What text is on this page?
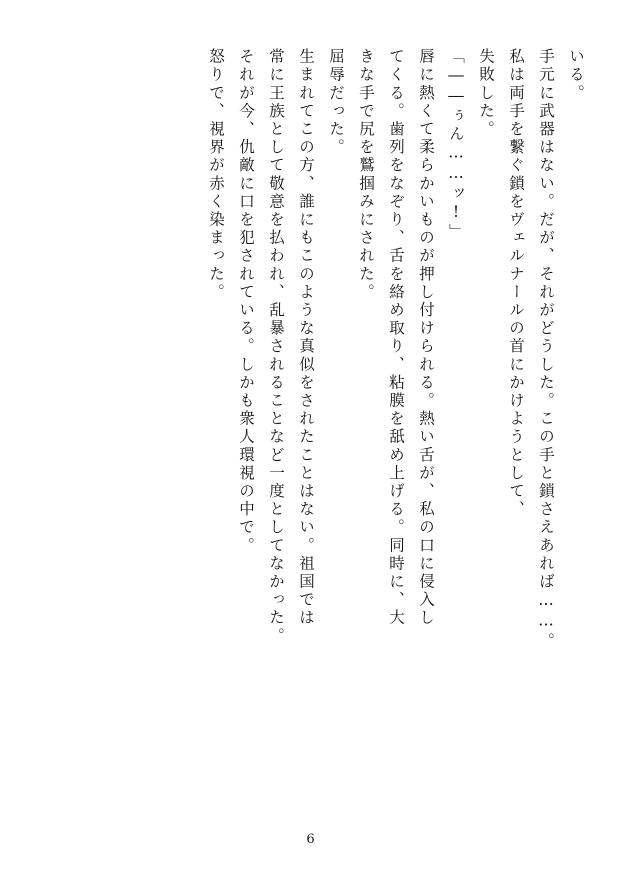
いる。
手元に武器はない。だが、それがどうした。この手と鎖さえあれば……。
私は両手を繋ぐ鎖をヴェルナールの首にかけようとして、
失敗した。
「――ぅん……ッ!」
唇に熱くて柔らかいものが押し付けられる。熱い舌が、私の口に侵入し
てくる。歯列をなぞり、舌を絡め取り、粘膜を舐め上げる。同時に、大
きな手で尻を鷲掴みにされた。
屈辱だった。
生まれてこの方、誰にもこのような真似をされたことはない。祖国では
常に王族として敬意を払われ、乱暴されることなど一度としてなかった。
それが今、仇敵に口を犯されている。しかも衆人環視の中で。
怒りで、視界が赤く染まった。
6
